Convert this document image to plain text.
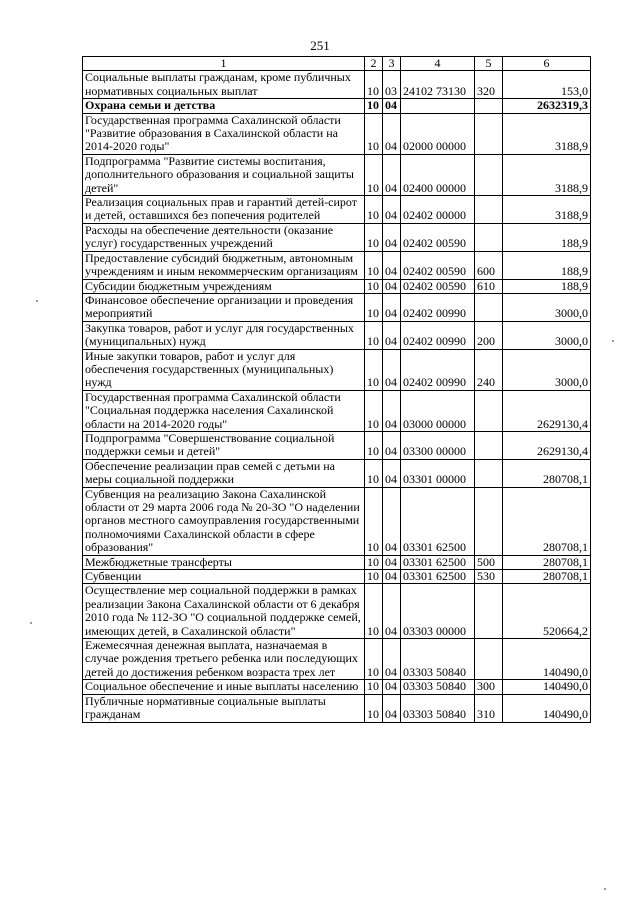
251
1	2	3	4	5	6
Социальные выплаты гражданам, кроме публичных нормативных социальных выплат	10	03	24102 73130	320	153,0
Охрана семьи и детства	10	04			2632319,3
Государственная программа Сахалинской области "Развитие образования в Сахалинской области на 2014-2020 годы"	10	04	02000 00000		3188,9
Подпрограмма "Развитие системы воспитания, дополнительного образования и социальной защиты детей"	10	04	02400 00000		3188,9
Реализация социальных прав и гарантий детей-сирот и детей, оставшихся без попечения родителей	10	04	02402 00000		3188,9
Расходы на обеспечение деятельности (оказание услуг) государственных учреждений	10	04	02402 00590		188,9
Предоставление субсидий бюджетным, автономным учреждениям и иным некоммерческим организациям	10	04	02402 00590	600	188,9
Субсидии бюджетным учреждениям	10	04	02402 00590	610	188,9
Финансовое обеспечение организации и проведения мероприятий	10	04	02402 00990		3000,0
Закупка товаров, работ и услуг для государственных (муниципальных) нужд	10	04	02402 00990	200	3000,0
Иные закупки товаров, работ и услуг для обеспечения государственных (муниципальных) нужд	10	04	02402 00990	240	3000,0
Государственная программа Сахалинской области "Социальная поддержка населения Сахалинской области на 2014-2020 годы"	10	04	03000 00000		2629130,4
Подпрограмма "Совершенствование социальной поддержки семьи и детей"	10	04	03300 00000		2629130,4
Обеспечение реализации прав семей с детьми на меры социальной поддержки	10	04	03301 00000		280708,1
Субвенция на реализацию Закона Сахалинской области от 29 марта 2006 года № 20-ЗО "О наделении органов местного самоуправления государственными полномочиями Сахалинской области в сфере образования"	10	04	03301 62500		280708,1
Межбюджетные трансферты	10	04	03301 62500	500	280708,1
Субвенции	10	04	03301 62500	530	280708,1
Осуществление мер социальной поддержки в рамках реализации Закона Сахалинской области от 6 декабря 2010 года № 112-ЗО "О социальной поддержке семей, имеющих детей, в Сахалинской области"	10	04	03303 00000		520664,2
Ежемесячная денежная выплата, назначаемая в случае рождения третьего ребенка или последующих детей до достижения ребенком возраста трех лет	10	04	03303 50840		140490,0
Социальное обеспечение и иные выплаты населению	10	04	03303 50840	300	140490,0
Публичные нормативные социальные выплаты гражданам	10	04	03303 50840	310	140490,0
